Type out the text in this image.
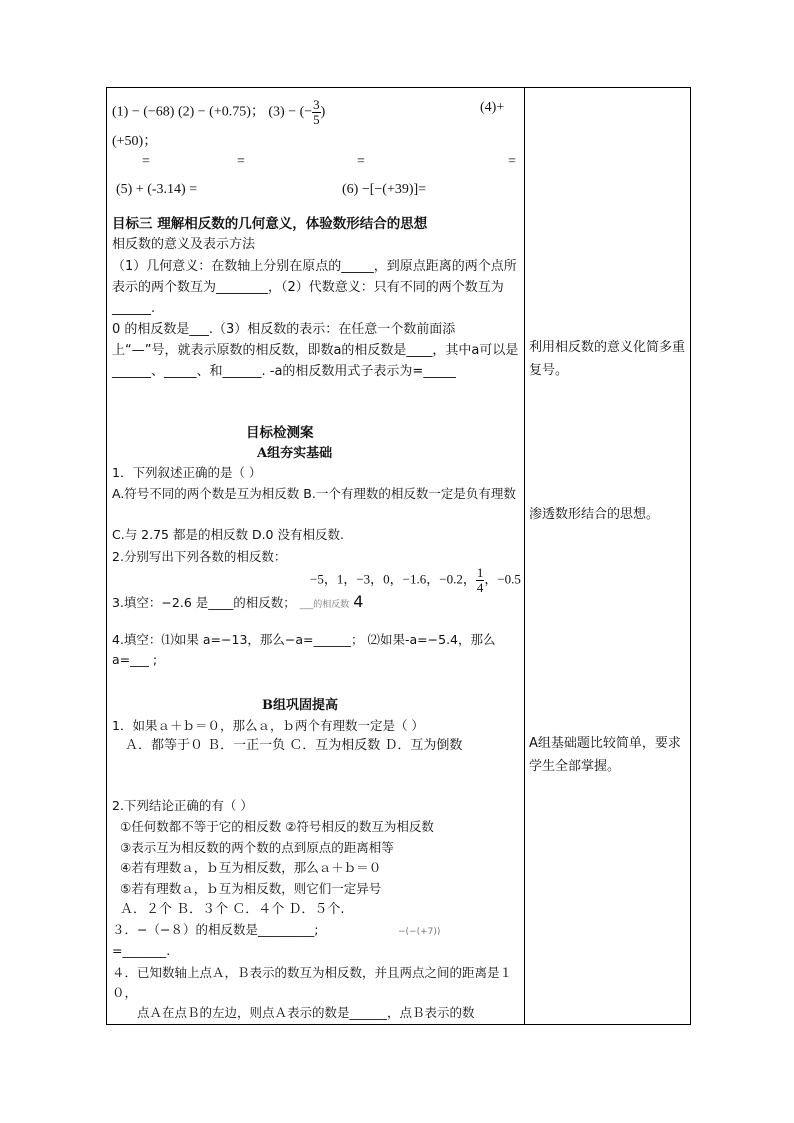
(1) − (−68) (2) − (+0.75)； (3) − (− $\frac{3}{5}$ )	(4)+
(+50)；
=	=	=	=
(5) + (-3.14) =	(6) −[−(+39)]=
目标三 理解相反数的几何意义，体验数形结合的思想
相反数的意义及表示方法
（1）几何意义：在数轴上分别在原点的_____，到原点距离的两个点所表示的两个数互为________，（2）代数意义：只有不同的两个数互为______.
0 的相反数是___.（3）相反数的表示：在任意一个数前面添上“—”号，就表示原数的相反数，即数a的相反数是____，其中a可以是______、_____、和______. -a的相反数用式子表示为=_____
目标检测案
A组夯实基础
1．下列叙述正确的是（ ）
A.符号不同的两个数是互为相反数 B.一个有理数的相反数一定是负有理数
C.与 2.75 都是的相反数 D.0 没有相反数.
2.分别写出下列各数的相反数：
−5，1，−3，0，−1.6，−0.2， $\frac{1}{4}$ ，−0.5
3.填空：−2.6 是____的相反数； ___的相反数 4
4.填空：⑴如果 a=−13，那么−a=______； ⑵如果-a=−5.4，那么 a=___ ;
B组巩固提高
1．如果ａ＋ｂ＝０，那么ａ，ｂ两个有理数一定是（ ）
　Ａ．都等于０ Ｂ．一正一负 Ｃ．互为相反数 Ｄ．互为倒数
2.下列结论正确的有（ ）
①任何数都不等于它的相反数 ②符号相反的数互为相反数
③表示互为相反数的两个数的点到原点的距离相等
④若有理数ａ，ｂ互为相反数，那么ａ＋ｂ＝０
⑤若有理数ａ，ｂ互为相反数，则它们一定异号
Ａ．２个 Ｂ．３个 Ｃ．４个 Ｄ．５个.
３．−（−８）的相反数是_________;	−(−(+7))
=_______.
４．已知数轴上点Ａ，Ｂ表示的数互为相反数，并且两点之间的距离是１０，
　　点Ａ在点Ｂ的左边，则点Ａ表示的数是______，点Ｂ表示的数
利用相反数的意义化简多重复号。
渗透数形结合的思想。
A组基础题比较简单，要求学生全部掌握。
